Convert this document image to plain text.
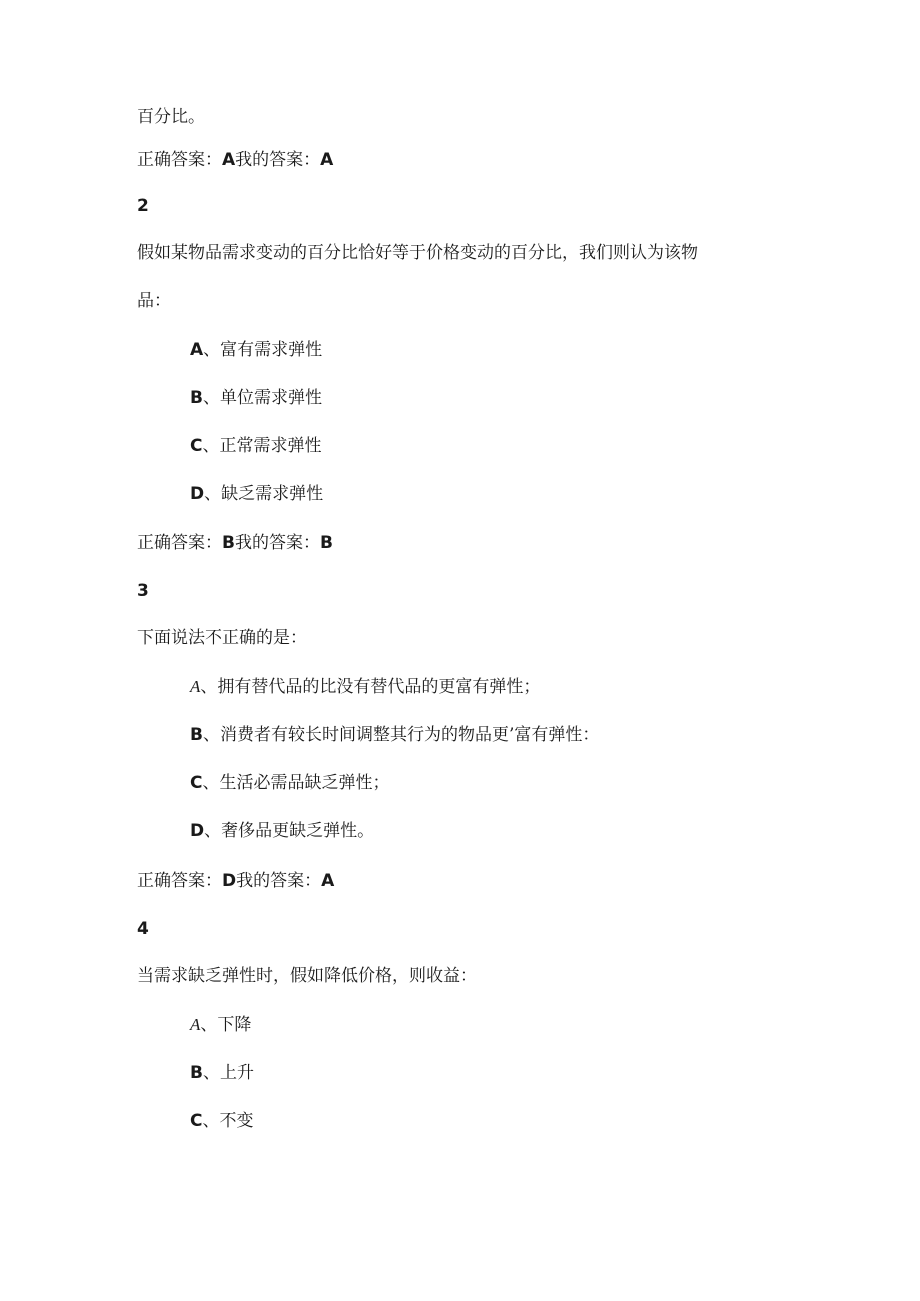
百分比。
正确答案：A我的答案：A
2
假如某物品需求变动的百分比恰好等于价格变动的百分比，我们则认为该物
品：
A、富有需求弹性
B、单位需求弹性
C、正常需求弹性
D、缺乏需求弹性
正确答案：B我的答案：B
3
下面说法不正确的是：
A、拥有替代品的比没有替代品的更富有弹性；
B、消费者有较长时间调整其行为的物品更’富有弹性：
C、生活必需品缺乏弹性；
D、奢侈品更缺乏弹性。
正确答案：D我的答案：A
4
当需求缺乏弹性时，假如降低价格，则收益：
A、下降
B、上升
C、不变
